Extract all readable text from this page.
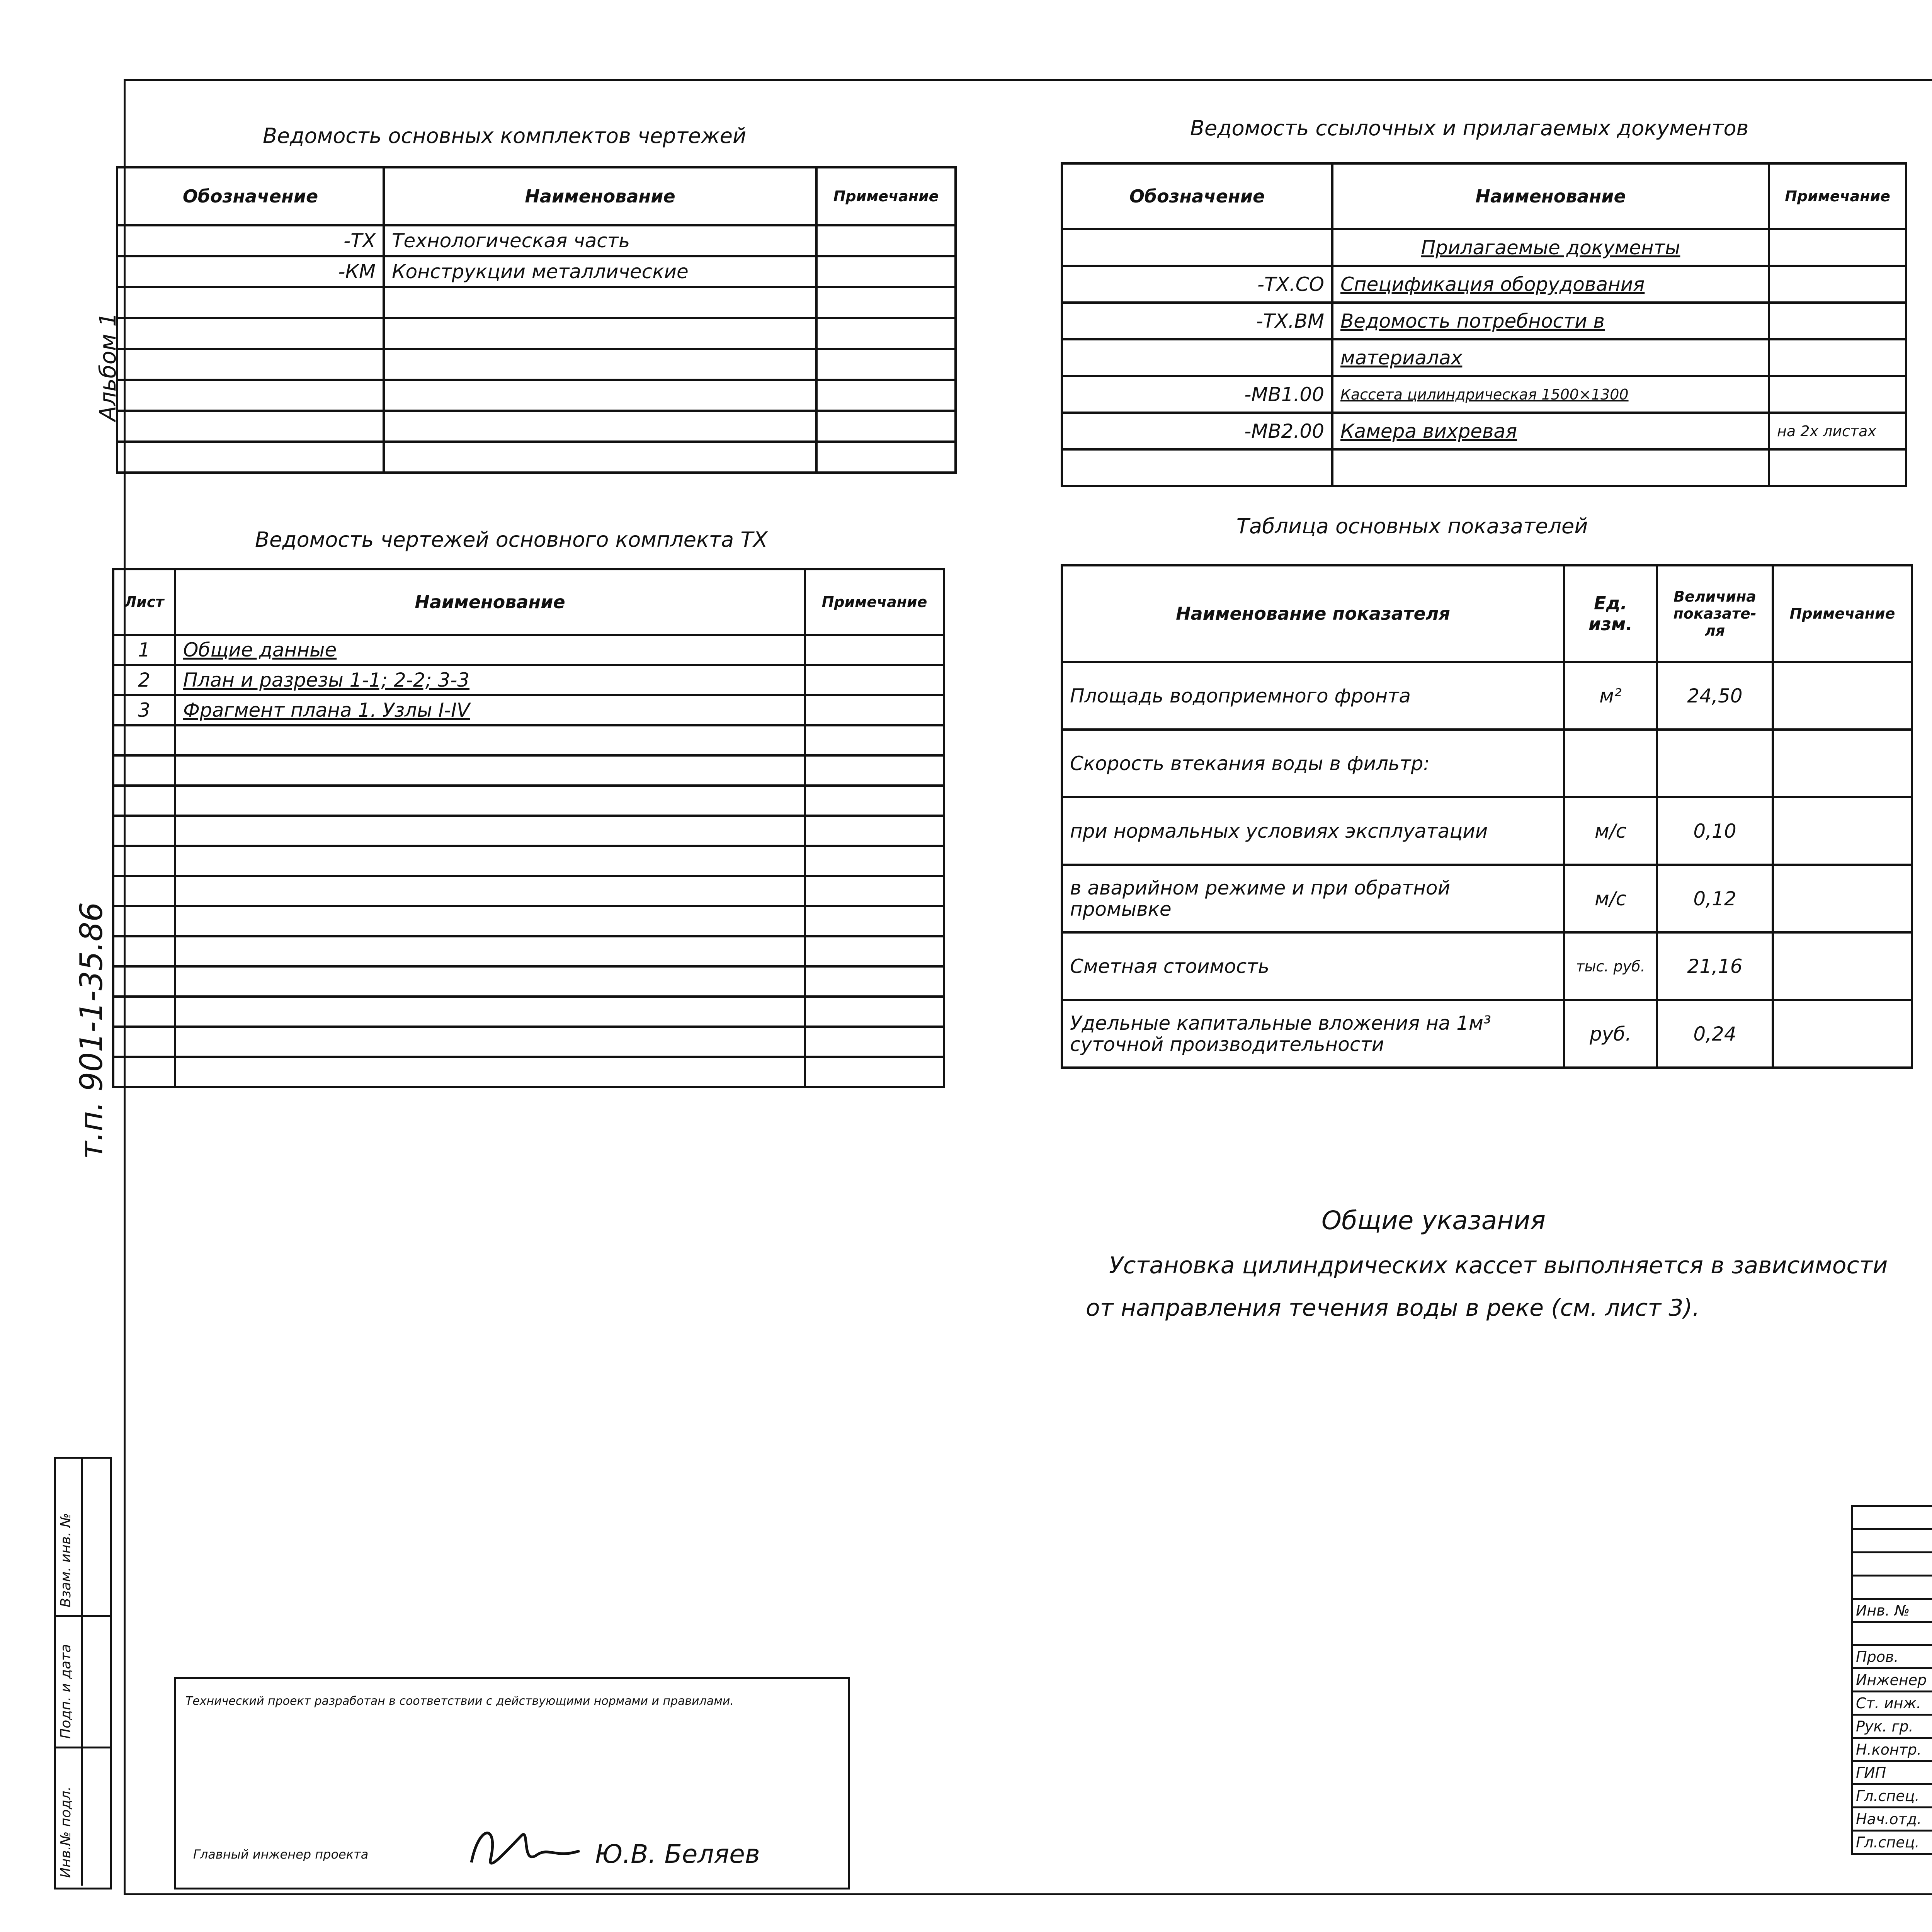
Альбом 1
т.п. 901-1-35.86
Взам. инв. №
Подп. и дата
Инв.№ подл.
Ведомость основных комплектов чертежей
Обозначение	Наименование	Примечание
-ТХ	Технологическая часть	
-КМ	Конструкции металлические	

Ведомость чертежей основного комплекта ТХ
Лист	Наименование	Примечание
1	Общие данные	
2	План и разрезы 1-1; 2-2; 3-3	
3	Фрагмент плана 1. Узлы I-IV	

Ведомость ссылочных и прилагаемых документов
Обозначение	Наименование	Примечание
	Прилагаемые документы	
-ТХ.СО	Спецификация оборудования	
-ТХ.ВМ	Ведомость потребности в	
	материалах	
-МВ1.00	Кассета цилиндрическая 1500×1300	
-МВ2.00	Камера вихревая	на 2х листах

Таблица основных показателей
Наименование показателя	Ед. изм.	Величина показате-ля	Примечание
Площадь водоприемного фронта	м²	24,50	
Скорость втекания воды в фильтр:			
при нормальных условиях эксплуатации	м/с	0,10	
в аварийном режиме и при обратной промывке	м/с	0,12	
Сметная стоимость	тыс. руб.	21,16	
Удельные капитальные вложения на 1м³ суточной производительности	руб.	0,24	
Общие указания
Установка цилиндрических кассет выполняется в зависимости
от направления течения воды в реке (см. лист 3).
Технический проект разработан в соответствии с действующими нормами и правилами.
Главный инженер проекта	Ю.В. Беляев

Инв. №							

Пров.					
Инженер			
Ст. инж.			
Рук. гр.							
Н.контр.						
ГИП			
Гл.спец.					
Нач.отд.			
Гл.спец.			
